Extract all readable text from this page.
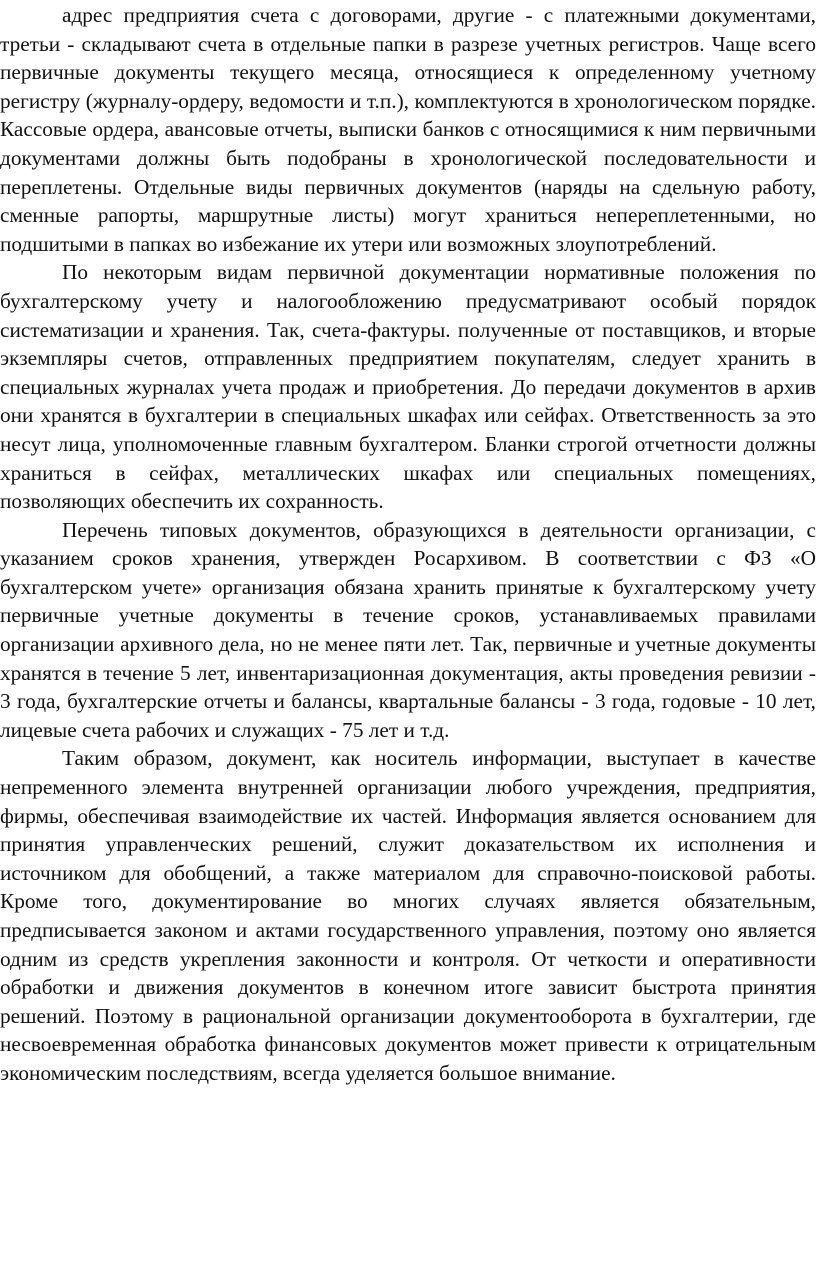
адрес предприятия счета с договорами, другие - с платежными документами, третьи - складывают счета в отдельные папки в разрезе учетных регистров. Чаще всего первичные документы текущего месяца, относящиеся к определенному учетному регистру (журналу-ордеру, ведомости и т.п.), комплектуются в хронологическом порядке. Кассовые ордера, авансовые отчеты, выписки банков с относящимися к ним первичными документами должны быть подобраны в хронологической последовательности и переплетены. Отдельные виды первичных документов (наряды на сдельную работу, сменные рапорты, маршрутные листы) могут храниться непереплетенными, но подшитыми в папках во избежание их утери или возможных злоупотреблений.

По некоторым видам первичной документации нормативные положения по бухгалтерскому учету и налогообложению предусматривают особый порядок систематизации и хранения. Так, счета-фактуры. полученные от поставщиков, и вторые экземпляры счетов, отправленных предприятием покупателям, следует хранить в специальных журналах учета продаж и приобретения. До передачи документов в архив они хранятся в бухгалтерии в специальных шкафах или сейфах. Ответственность за это несут лица, уполномоченные главным бухгалтером. Бланки строгой отчетности должны храниться в сейфах, металлических шкафах или специальных помещениях, позволяющих обеспечить их сохранность.

Перечень типовых документов, образующихся в деятельности организации, с указанием сроков хранения, утвержден Росархивом. В соответствии с ФЗ «О бухгалтерском учете» организация обязана хранить принятые к бухгалтерскому учету первичные учетные документы в течение сроков, устанавливаемых правилами организации архивного дела, но не менее пяти лет. Так, первичные и учетные документы хранятся в течение 5 лет, инвентаризационная документация, акты проведения ревизии - 3 года, бухгалтерские отчеты и балансы, квартальные балансы - 3 года, годовые - 10 лет, лицевые счета рабочих и служащих - 75 лет и т.д.

Таким образом, документ, как носитель информации, выступает в качестве непременного элемента внутренней организации любого учреждения, предприятия, фирмы, обеспечивая взаимодействие их частей. Информация является основанием для принятия управленческих решений, служит доказательством их исполнения и источником для обобщений, а также материалом для справочно-поисковой работы. Кроме того, документирование во многих случаях является обязательным, предписывается законом и актами государственного управления, поэтому оно является одним из средств укрепления законности и контроля. От четкости и оперативности обработки и движения документов в конечном итоге зависит быстрота принятия решений. Поэтому в рациональной организации документооборота в бухгалтерии, где несвоевременная обработка финансовых документов может привести к отрицательным экономическим последствиям, всегда уделяется большое внимание.
